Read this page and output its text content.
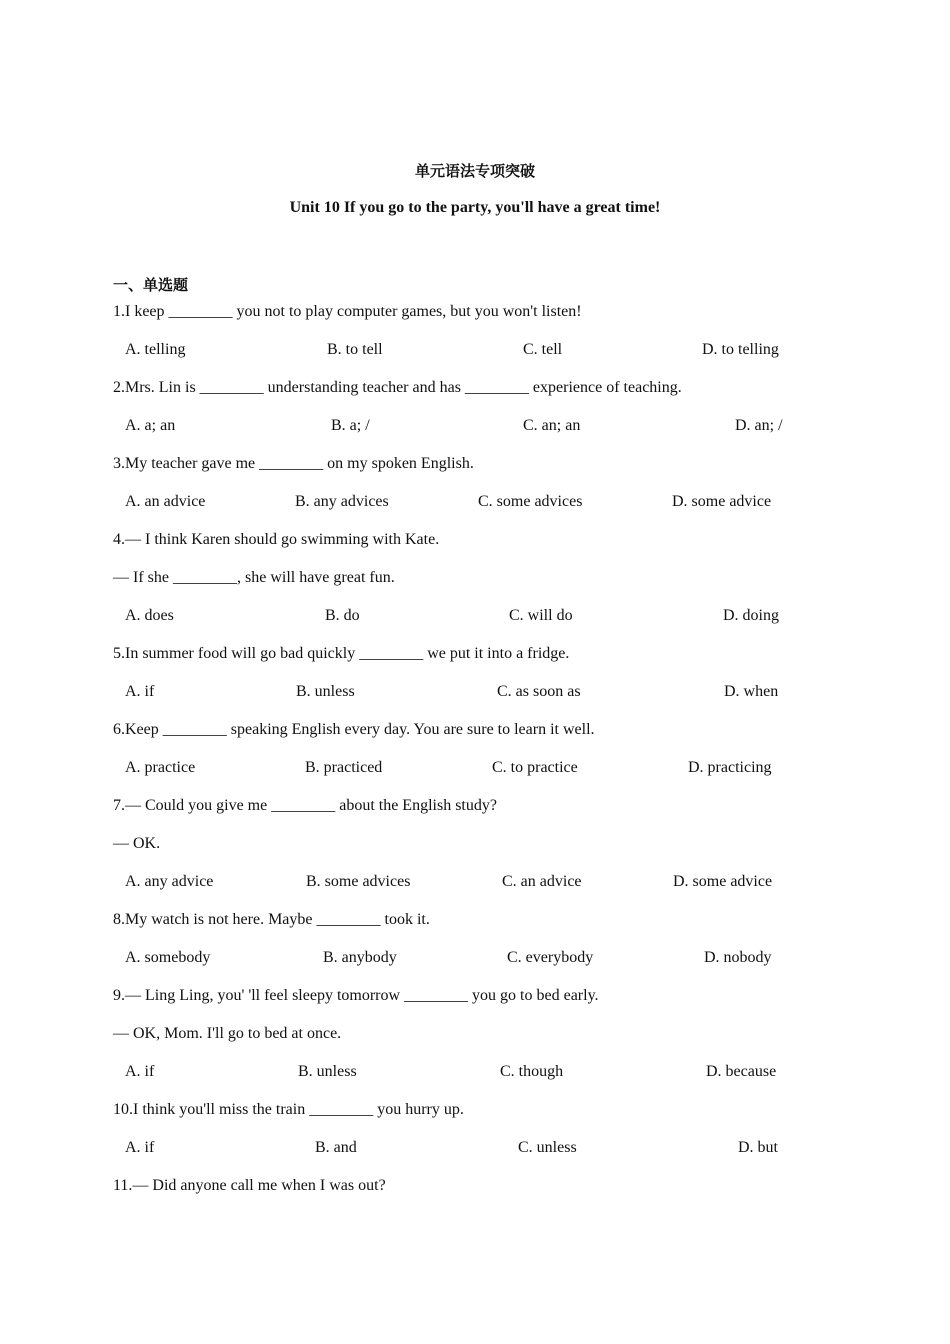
单元语法专项突破
Unit 10 If you go to the party, you'll have a great time!
一、单选题
1.I keep ________ you not to play computer games, but you won't listen!
A. telling	B. to tell	C. tell	D. to telling
2.Mrs. Lin is ________ understanding teacher and has ________ experience of teaching.
A. a; an	B. a; /	C. an; an	D. an; /
3.My teacher gave me ________ on my spoken English.
A. an advice	B. any advices	C. some advices	D. some advice
4.— I think Karen should go swimming with Kate.
— If she ________, she will have great fun.
A. does	B. do	C. will do	D. doing
5.In summer food will go bad quickly ________ we put it into a fridge.
A. if	B. unless	C. as soon as	D. when
6.Keep ________ speaking English every day. You are sure to learn it well.
A. practice	B. practiced	C. to practice	D. practicing
7.— Could you give me ________ about the English study?
— OK.
A. any advice	B. some advices	C. an advice	D. some advice
8.My watch is not here. Maybe ________ took it.
A. somebody	B. anybody	C. everybody	D. nobody
9.— Ling Ling, you' 'll feel sleepy tomorrow ________ you go to bed early.
— OK, Mom. I'll go to bed at once.
A. if	B. unless	C. though	D. because
10.I think you'll miss the train ________ you hurry up.
A. if	B. and	C. unless	D. but
11.— Did anyone call me when I was out?
